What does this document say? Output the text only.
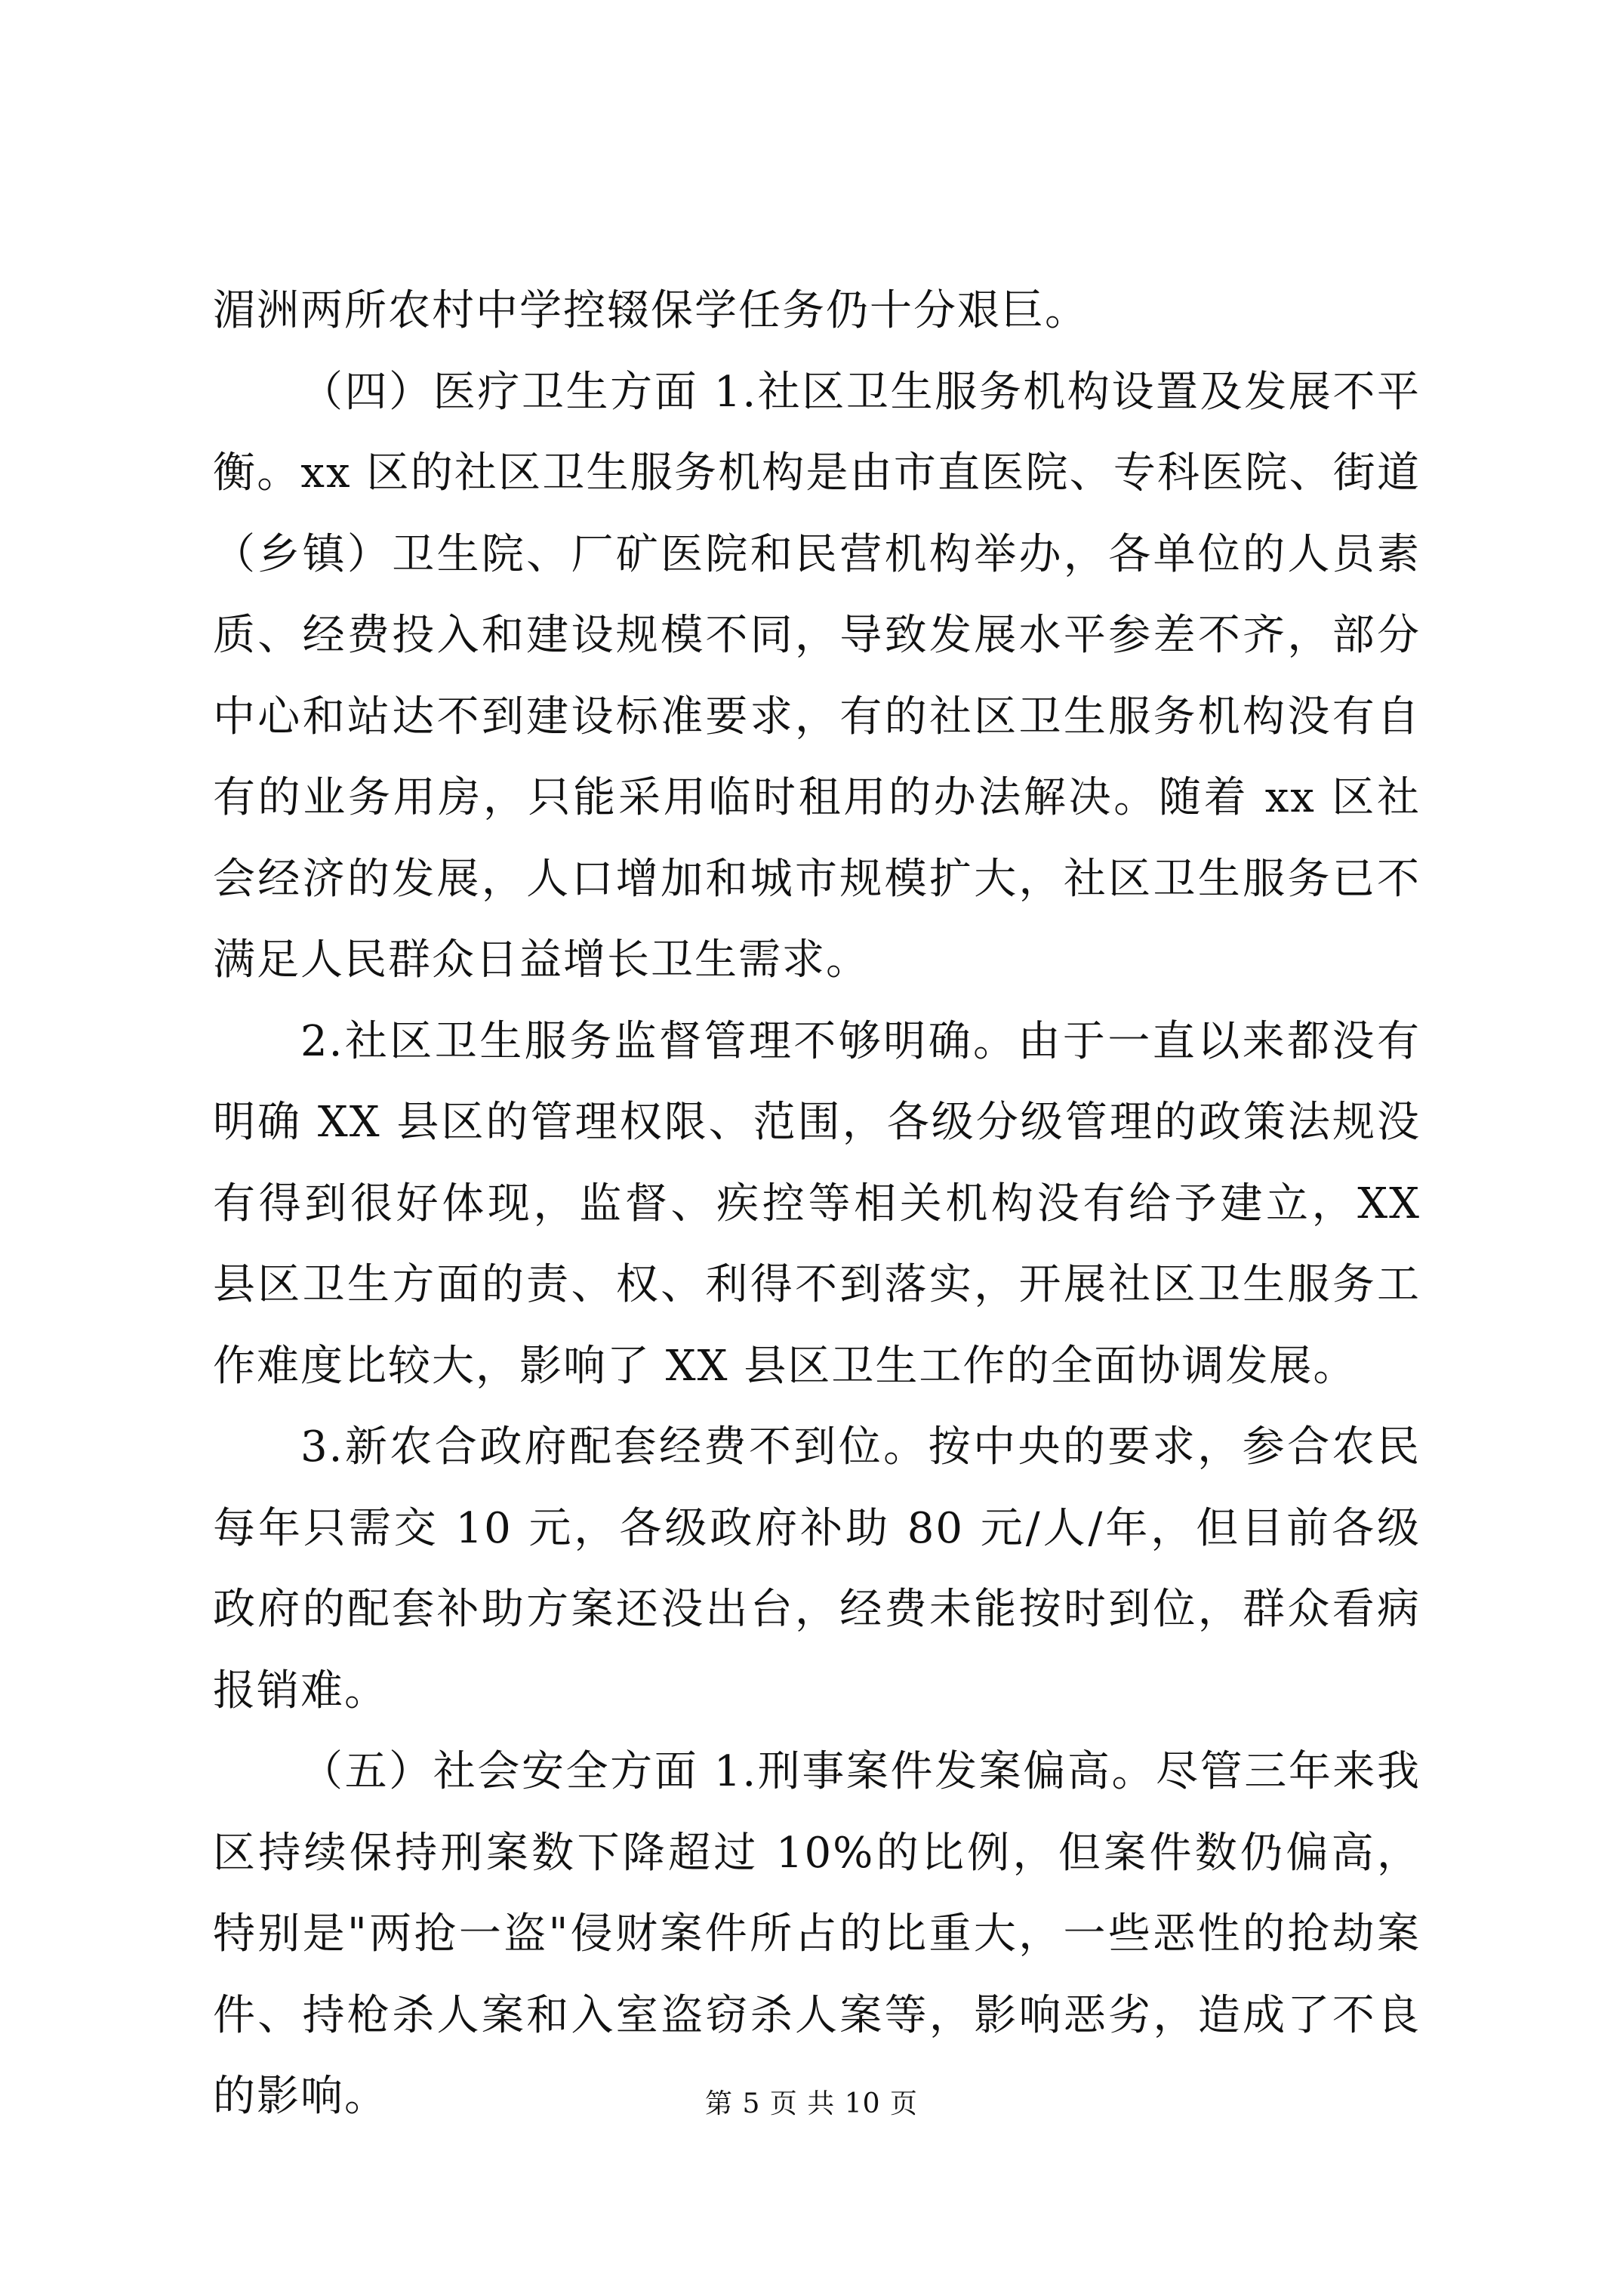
湄洲两所农村中学控辍保学任务仍十分艰巨。

（四）医疗卫生方面 1.社区卫生服务机构设置及发展不平衡。xx 区的社区卫生服务机构是由市直医院、专科医院、街道（乡镇）卫生院、厂矿医院和民营机构举办，各单位的人员素质、经费投入和建设规模不同，导致发展水平参差不齐，部分中心和站达不到建设标准要求，有的社区卫生服务机构没有自有的业务用房，只能采用临时租用的办法解决。随着 xx 区社会经济的发展，人口增加和城市规模扩大，社区卫生服务已不满足人民群众日益增长卫生需求。

2.社区卫生服务监督管理不够明确。由于一直以来都没有明确 XX 县区的管理权限、范围，各级分级管理的政策法规没有得到很好体现，监督、疾控等相关机构没有给予建立，XX 县区卫生方面的责、权、利得不到落实，开展社区卫生服务工作难度比较大，影响了 XX 县区卫生工作的全面协调发展。

3.新农合政府配套经费不到位。按中央的要求，参合农民每年只需交 10 元，各级政府补助 80 元/人/年，但目前各级政府的配套补助方案还没出台，经费未能按时到位，群众看病报销难。

（五）社会安全方面 1.刑事案件发案偏高。尽管三年来我区持续保持刑案数下降超过 10%的比例，但案件数仍偏高，特别是"两抢一盗"侵财案件所占的比重大，一些恶性的抢劫案件、持枪杀人案和入室盗窃杀人案等，影响恶劣，造成了不良的影响。	第 5 页 共 10 页
